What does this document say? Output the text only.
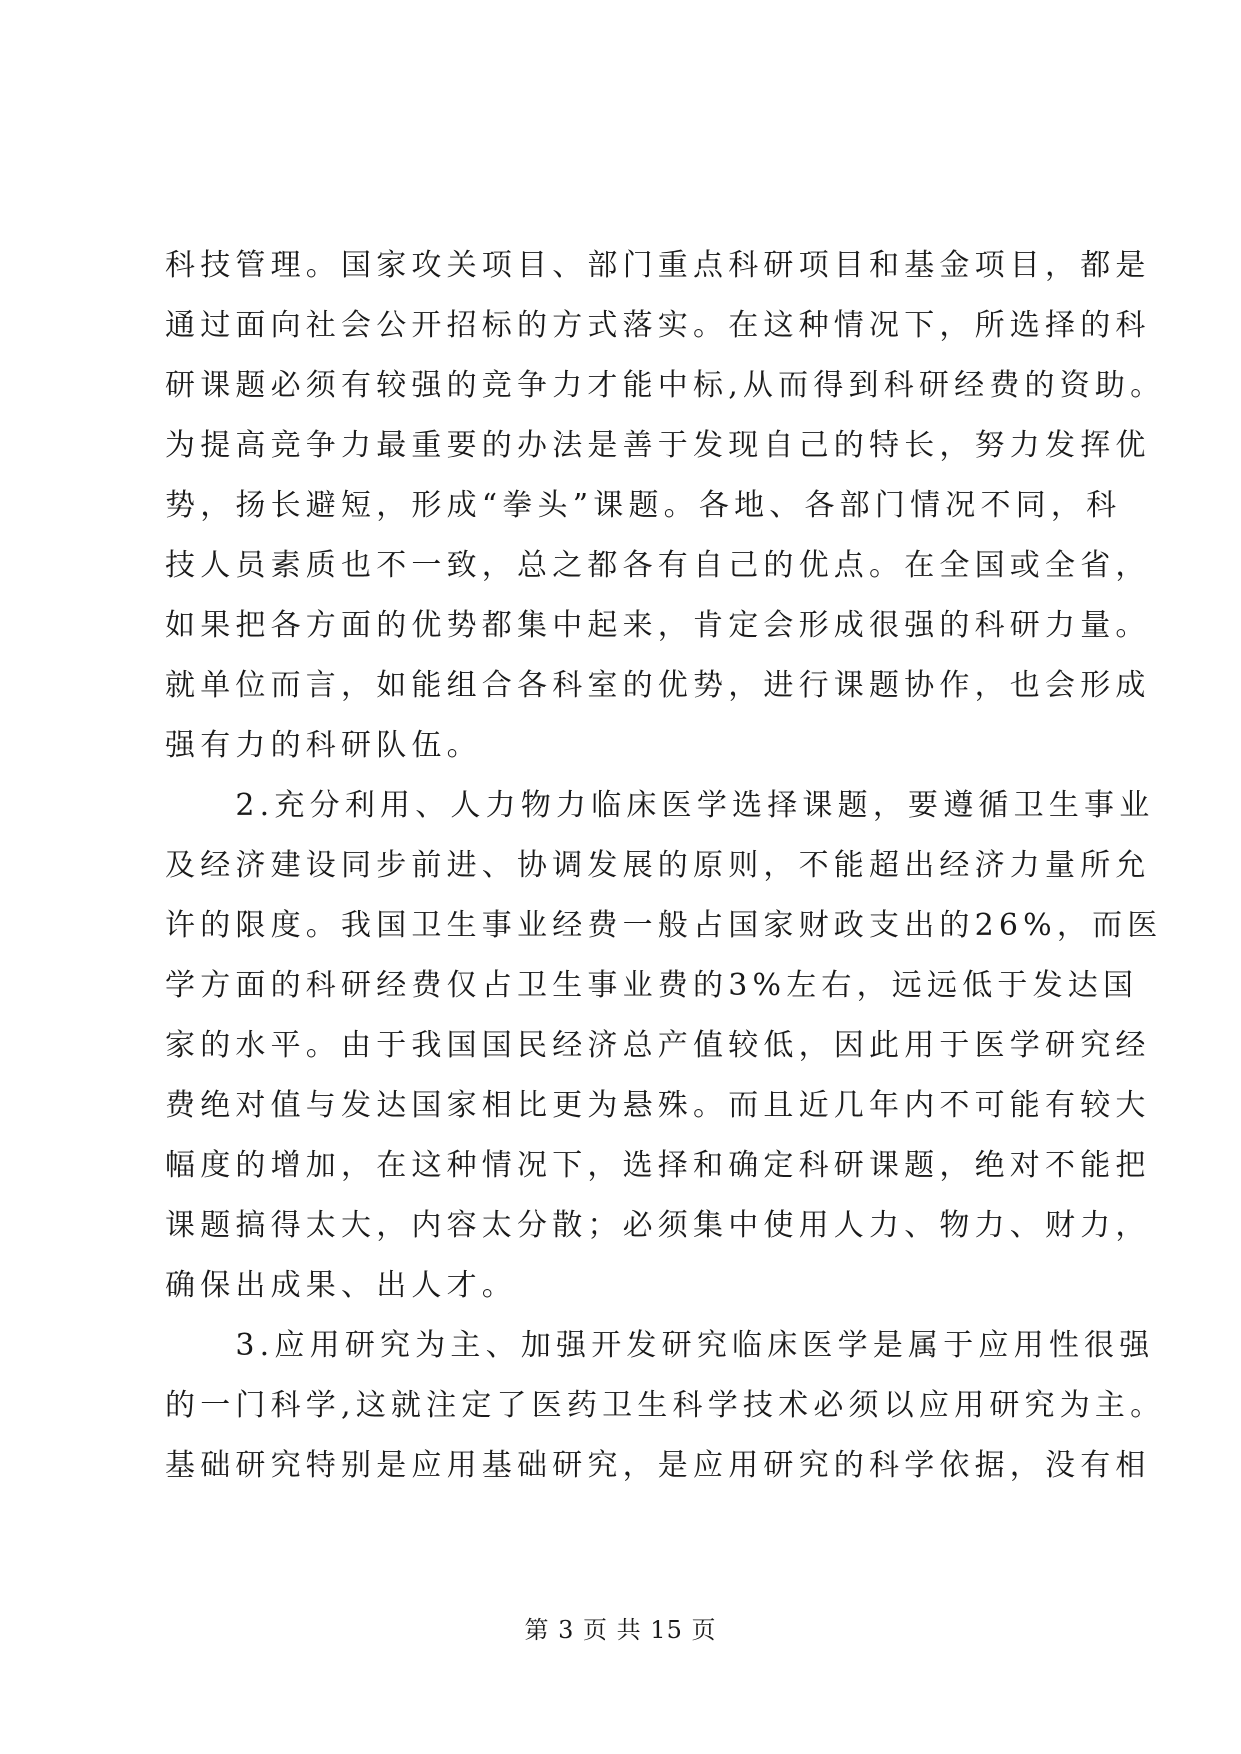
科技管理。国家攻关项目、部门重点科研项目和基金项目，都是
通过面向社会公开招标的方式落实。在这种情况下，所选择的科
研课题必须有较强的竞争力才能中标,从而得到科研经费的资助。
为提高竞争力最重要的办法是善于发现自己的特长，努力发挥优
势，扬长避短，形成“拳头”课题。各地、各部门情况不同，科
技人员素质也不一致，总之都各有自己的优点。在全国或全省，
如果把各方面的优势都集中起来，肯定会形成很强的科研力量。
就单位而言，如能组合各科室的优势，进行课题协作，也会形成
强有力的科研队伍。
　　2.充分利用、人力物力临床医学选择课题，要遵循卫生事业
及经济建设同步前进、协调发展的原则，不能超出经济力量所允
许的限度。我国卫生事业经费一般占国家财政支出的26%，而医
学方面的科研经费仅占卫生事业费的3%左右，远远低于发达国
家的水平。由于我国国民经济总产值较低，因此用于医学研究经
费绝对值与发达国家相比更为悬殊。而且近几年内不可能有较大
幅度的增加，在这种情况下，选择和确定科研课题，绝对不能把
课题搞得太大，内容太分散；必须集中使用人力、物力、财力，
确保出成果、出人才。
　　3.应用研究为主、加强开发研究临床医学是属于应用性很强
的一门科学,这就注定了医药卫生科学技术必须以应用研究为主。
基础研究特别是应用基础研究，是应用研究的科学依据，没有相
第 3 页 共 15 页
